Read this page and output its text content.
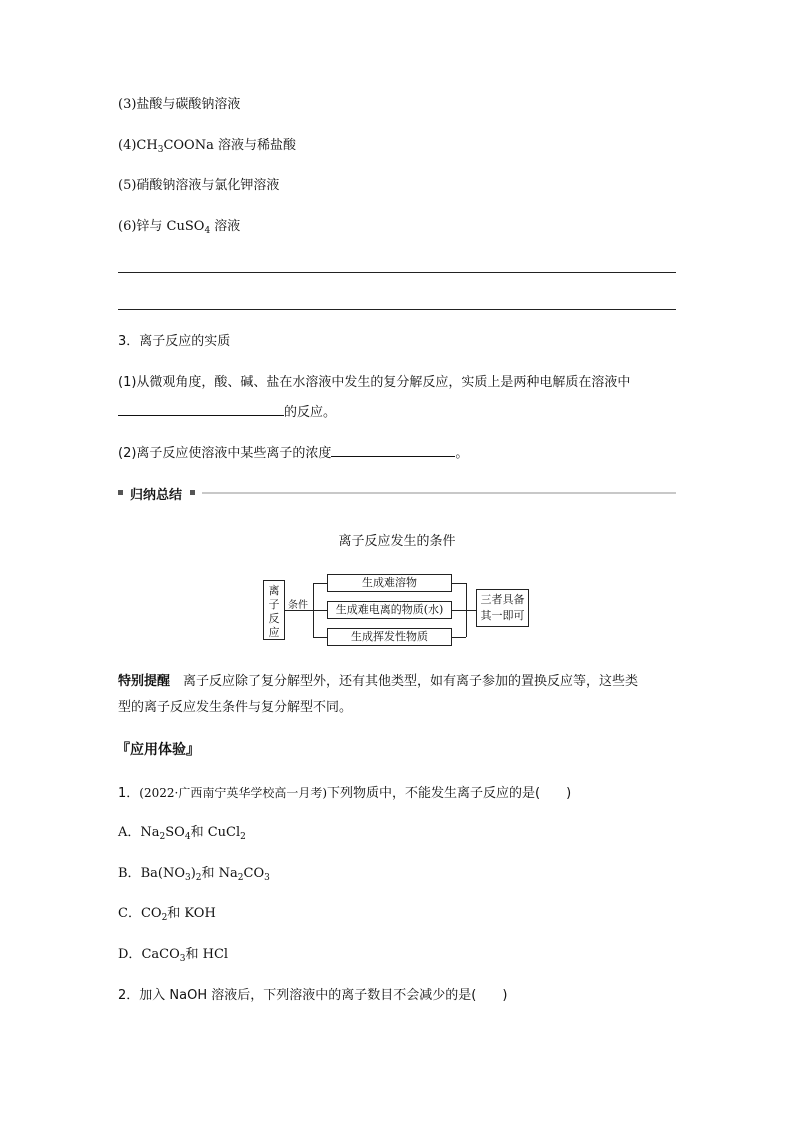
(3)盐酸与碳酸钠溶液
$(4)CH_3COONa$ 溶液与稀盐酸
(5)硝酸钠溶液与氯化钾溶液
(6)锌与 CuSO$_4$ 溶液
3．离子反应的实质
(1)从微观角度，酸、碱、盐在水溶液中发生的复分解反应，实质上是两种电解质在溶液中
的反应。
(2)离子反应使溶液中某些离子的浓度	。
归纳总结
离子反应发生的条件
离子反应
条件
生成难溶物
生成难电离的物质(水)
生成挥发性物质
三者具备
其一即可
特别提醒　 离子反应除了复分解型外，还有其他类型，如有离子参加的置换反应等，这些类
型的离子反应发生条件与复分解型不同。
『应用体验』
1．(2022·广西南宁英华学校高一月考)下列物质中，不能发生离子反应的是(　　)
A．$Na_2SO_4$和 CuCl$_2$
B．$Ba(NO_3)_2$和 $Na_2CO_3$
C．$CO_2$和 KOH
D．CaCO$_3$和 HCl
2．加入 NaOH 溶液后，下列溶液中的离子数目不会减少的是(　　)
